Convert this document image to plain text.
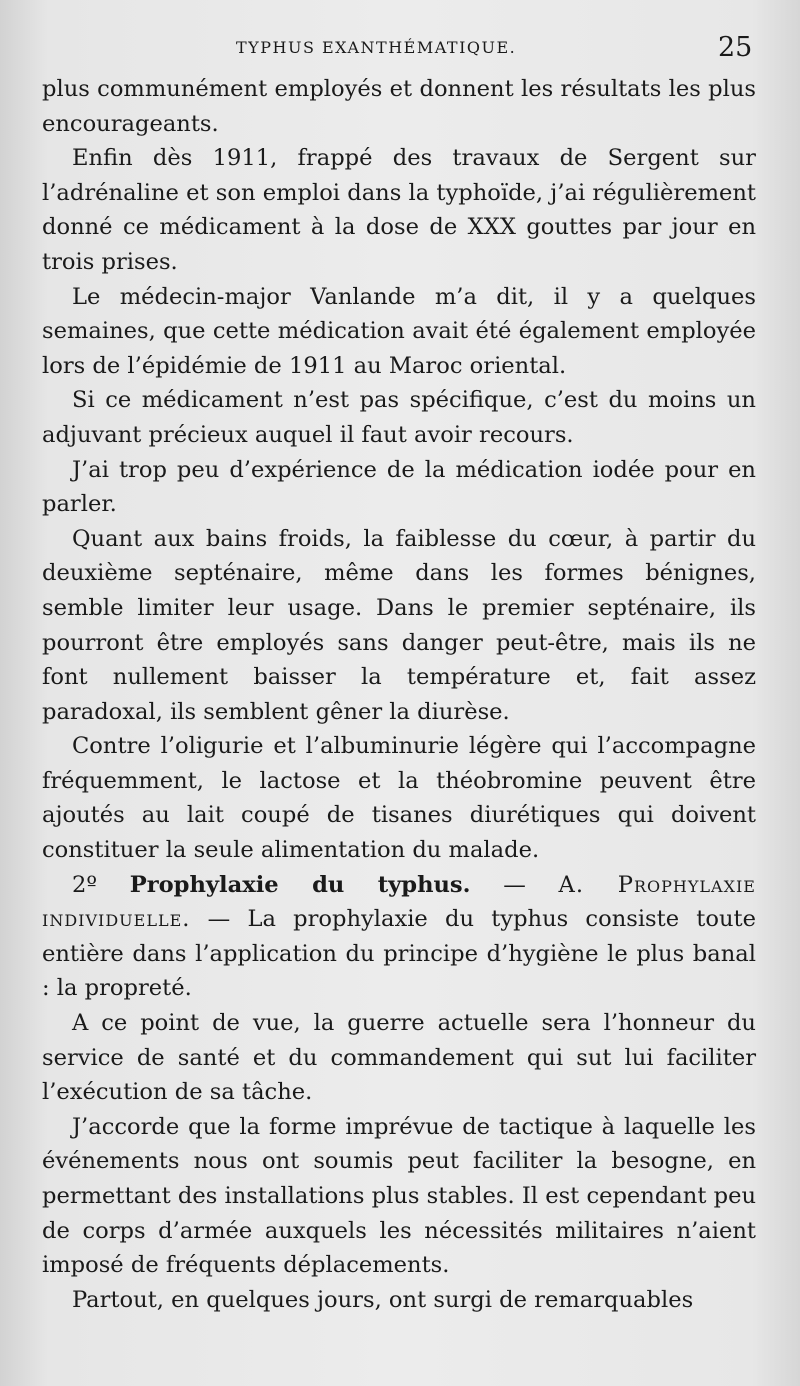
TYPHUS EXANTHÉMATIQUE.	25

plus communément employés et donnent les résultats les plus encourageants.

Enfin dès 1911, frappé des travaux de Sergent sur l’adrénaline et son emploi dans la typhoïde, j’ai régulièrement donné ce médicament à la dose de XXX gouttes par jour en trois prises.

Le médecin-major Vanlande m’a dit, il y a quelques semaines, que cette médication avait été également employée lors de l’épidémie de 1911 au Maroc oriental.

Si ce médicament n’est pas spécifique, c’est du moins un adjuvant précieux auquel il faut avoir recours.

J’ai trop peu d’expérience de la médication iodée pour en parler.

Quant aux bains froids, la faiblesse du cœur, à partir du deuxième septénaire, même dans les formes bénignes, semble limiter leur usage. Dans le premier septénaire, ils pourront être employés sans danger peut-être, mais ils ne font nullement baisser la température et, fait assez paradoxal, ils semblent gêner la diurèse.

Contre l’oligurie et l’albuminurie légère qui l’accompagne fréquemment, le lactose et la théobromine peuvent être ajoutés au lait coupé de tisanes diurétiques qui doivent constituer la seule alimentation du malade.

2º Prophylaxie du typhus. — A. Prophylaxie individuelle. — La prophylaxie du typhus consiste toute entière dans l’application du principe d’hygiène le plus banal : la propreté.

A ce point de vue, la guerre actuelle sera l’honneur du service de santé et du commandement qui sut lui faciliter l’exécution de sa tâche.

J’accorde que la forme imprévue de tactique à laquelle les événements nous ont soumis peut faciliter la besogne, en permettant des installations plus stables. Il est cependant peu de corps d’armée auxquels les nécessités militaires n’aient imposé de fréquents déplacements.

Partout, en quelques jours, ont surgi de remarquables
